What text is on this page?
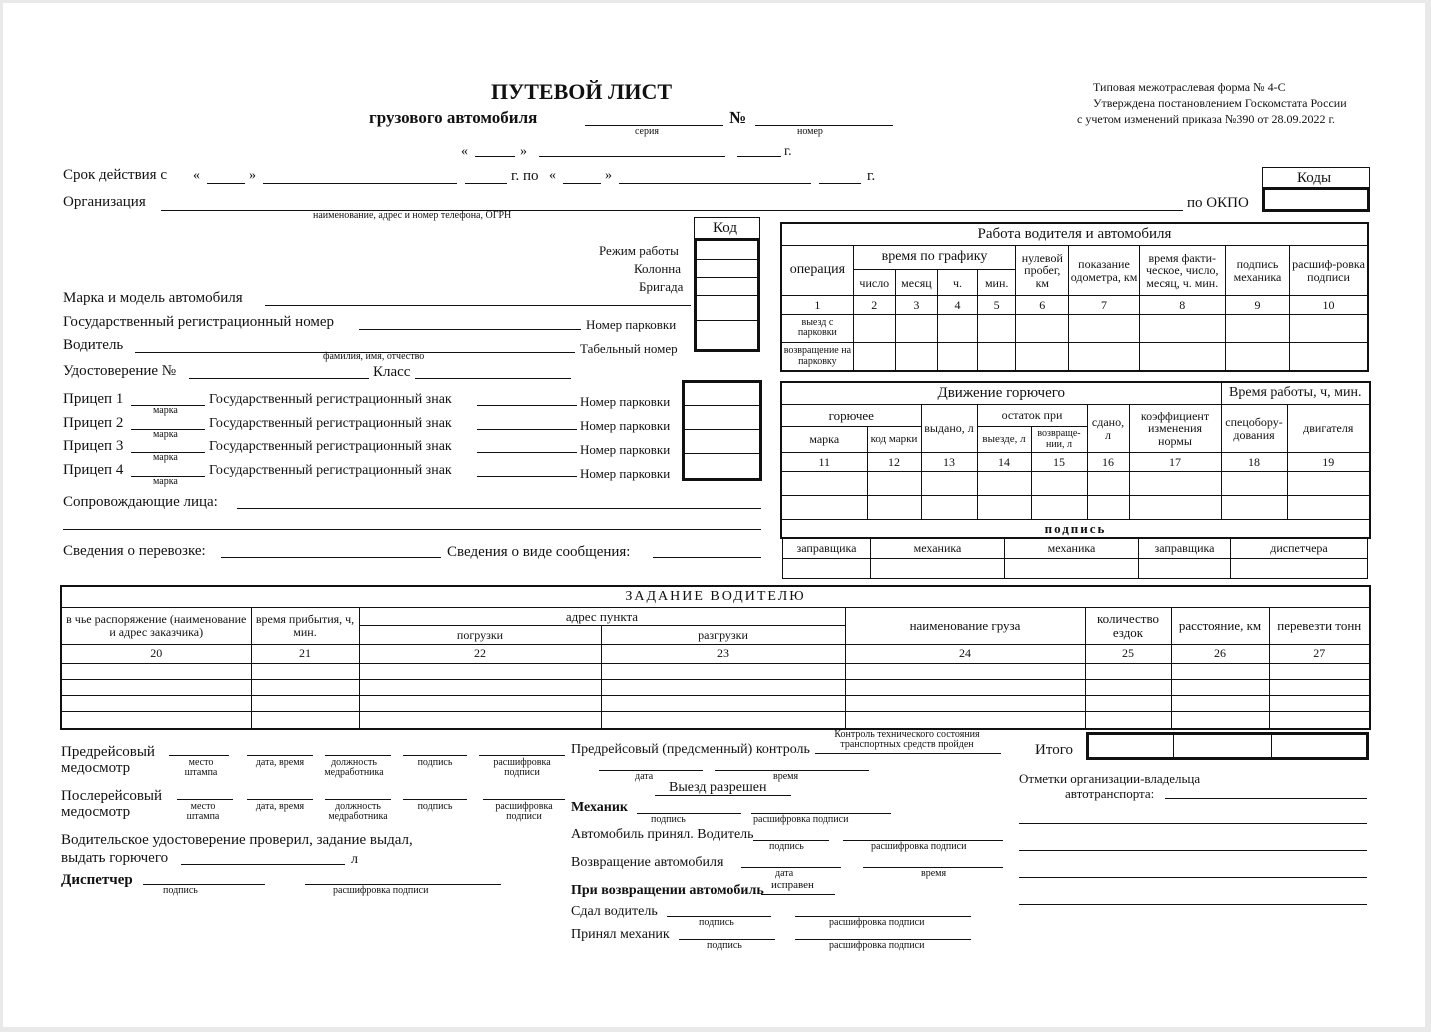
ПУТЕВОЙ ЛИСТ
грузового автомобиля	№
серия	номер
«	»	г.
Типовая межотраслевая форма № 4-С
Утверждена постановлением Госкомстата России
с учетом изменений приказа №390 от 28.09.2022 г.
Срок действия с «	»	г. по «	»	г.	Коды
по ОКПО
Организация
наименование, адрес и номер телефона, ОГРН
Код
Режим работы
Колонна
Бригада
Марка и модель автомобиля
Государственный регистрационный номер	Номер парковки
Водитель
фамилия, имя, отчество
Табельный номер
Удостоверение №	Класс
Прицеп 1
марка
Государственный регистрационный знак	Номер парковки
Прицеп 2
марка
Государственный регистрационный знак	Номер парковки
Прицеп 3
марка
Государственный регистрационный знак	Номер парковки
Прицеп 4
марка
Государственный регистрационный знак	Номер парковки
Сопровождающие лица:
Сведения о перевозке:	Сведения о виде сообщения:
Работа водителя и автомобиля									
операция	время по графику				нулевой пробег, км	показание одометра, км	время факти-ческое, число, месяц, ч. мин.	подпись механика	расшиф-ровка подписи
	число	месяц	ч.	мин.					
1	2	3	4	5	6	7	8	9	10
выезд с парковки									
возвращение на парковку									
Движение горючего							Время работы, ч, мин.	
горючее		выдано, л	остаток при		сдано, л	коэффициент изменения нормы	спецобору-дования	двигателя
марка	код марки		выезде, л	возвраще-нии, л				
11	12	13	14	15	16	17	18	19

подпись								
заправщика	механика	механика	заправщика	диспетчера

ЗАДАНИЕ ВОДИТЕЛЮ							
в чье распоряжение (наименование и адрес заказчика)	время прибытия, ч, мин.	адрес пункта		наименование груза	количество ездок	расстояние, км	перевезти тонн
		погрузки	разгрузки				
20	21	22	23	24	25	26	27

Итого
Предрейсовый медосмотр	место штампа
дата, время	должность медработника
подпись	расшифровка подписи
Послерейсовый медосмотр	место штампа
дата, время	должность медработника
подпись	расшифровка подписи
Водительское удостоверение проверил, задание выдал,
выдать горючего	л
Диспетчер
подпись	расшифровка подписи
Предрейсовый (предсменный) контроль
Контроль технического состояния транспортных средств пройден
дата	время
Выезд разрешен
Механик
подпись	расшифровка подписи
Автомобиль принял. Водитель
подпись	расшифровка подписи
Возвращение автомобиля
дата	время
При возвращении автомобиль исправен
Сдал водитель
подпись	расшифровка подписи
Принял механик
подпись	расшифровка подписи
Отметки организации-владельца
автотранспорта:
